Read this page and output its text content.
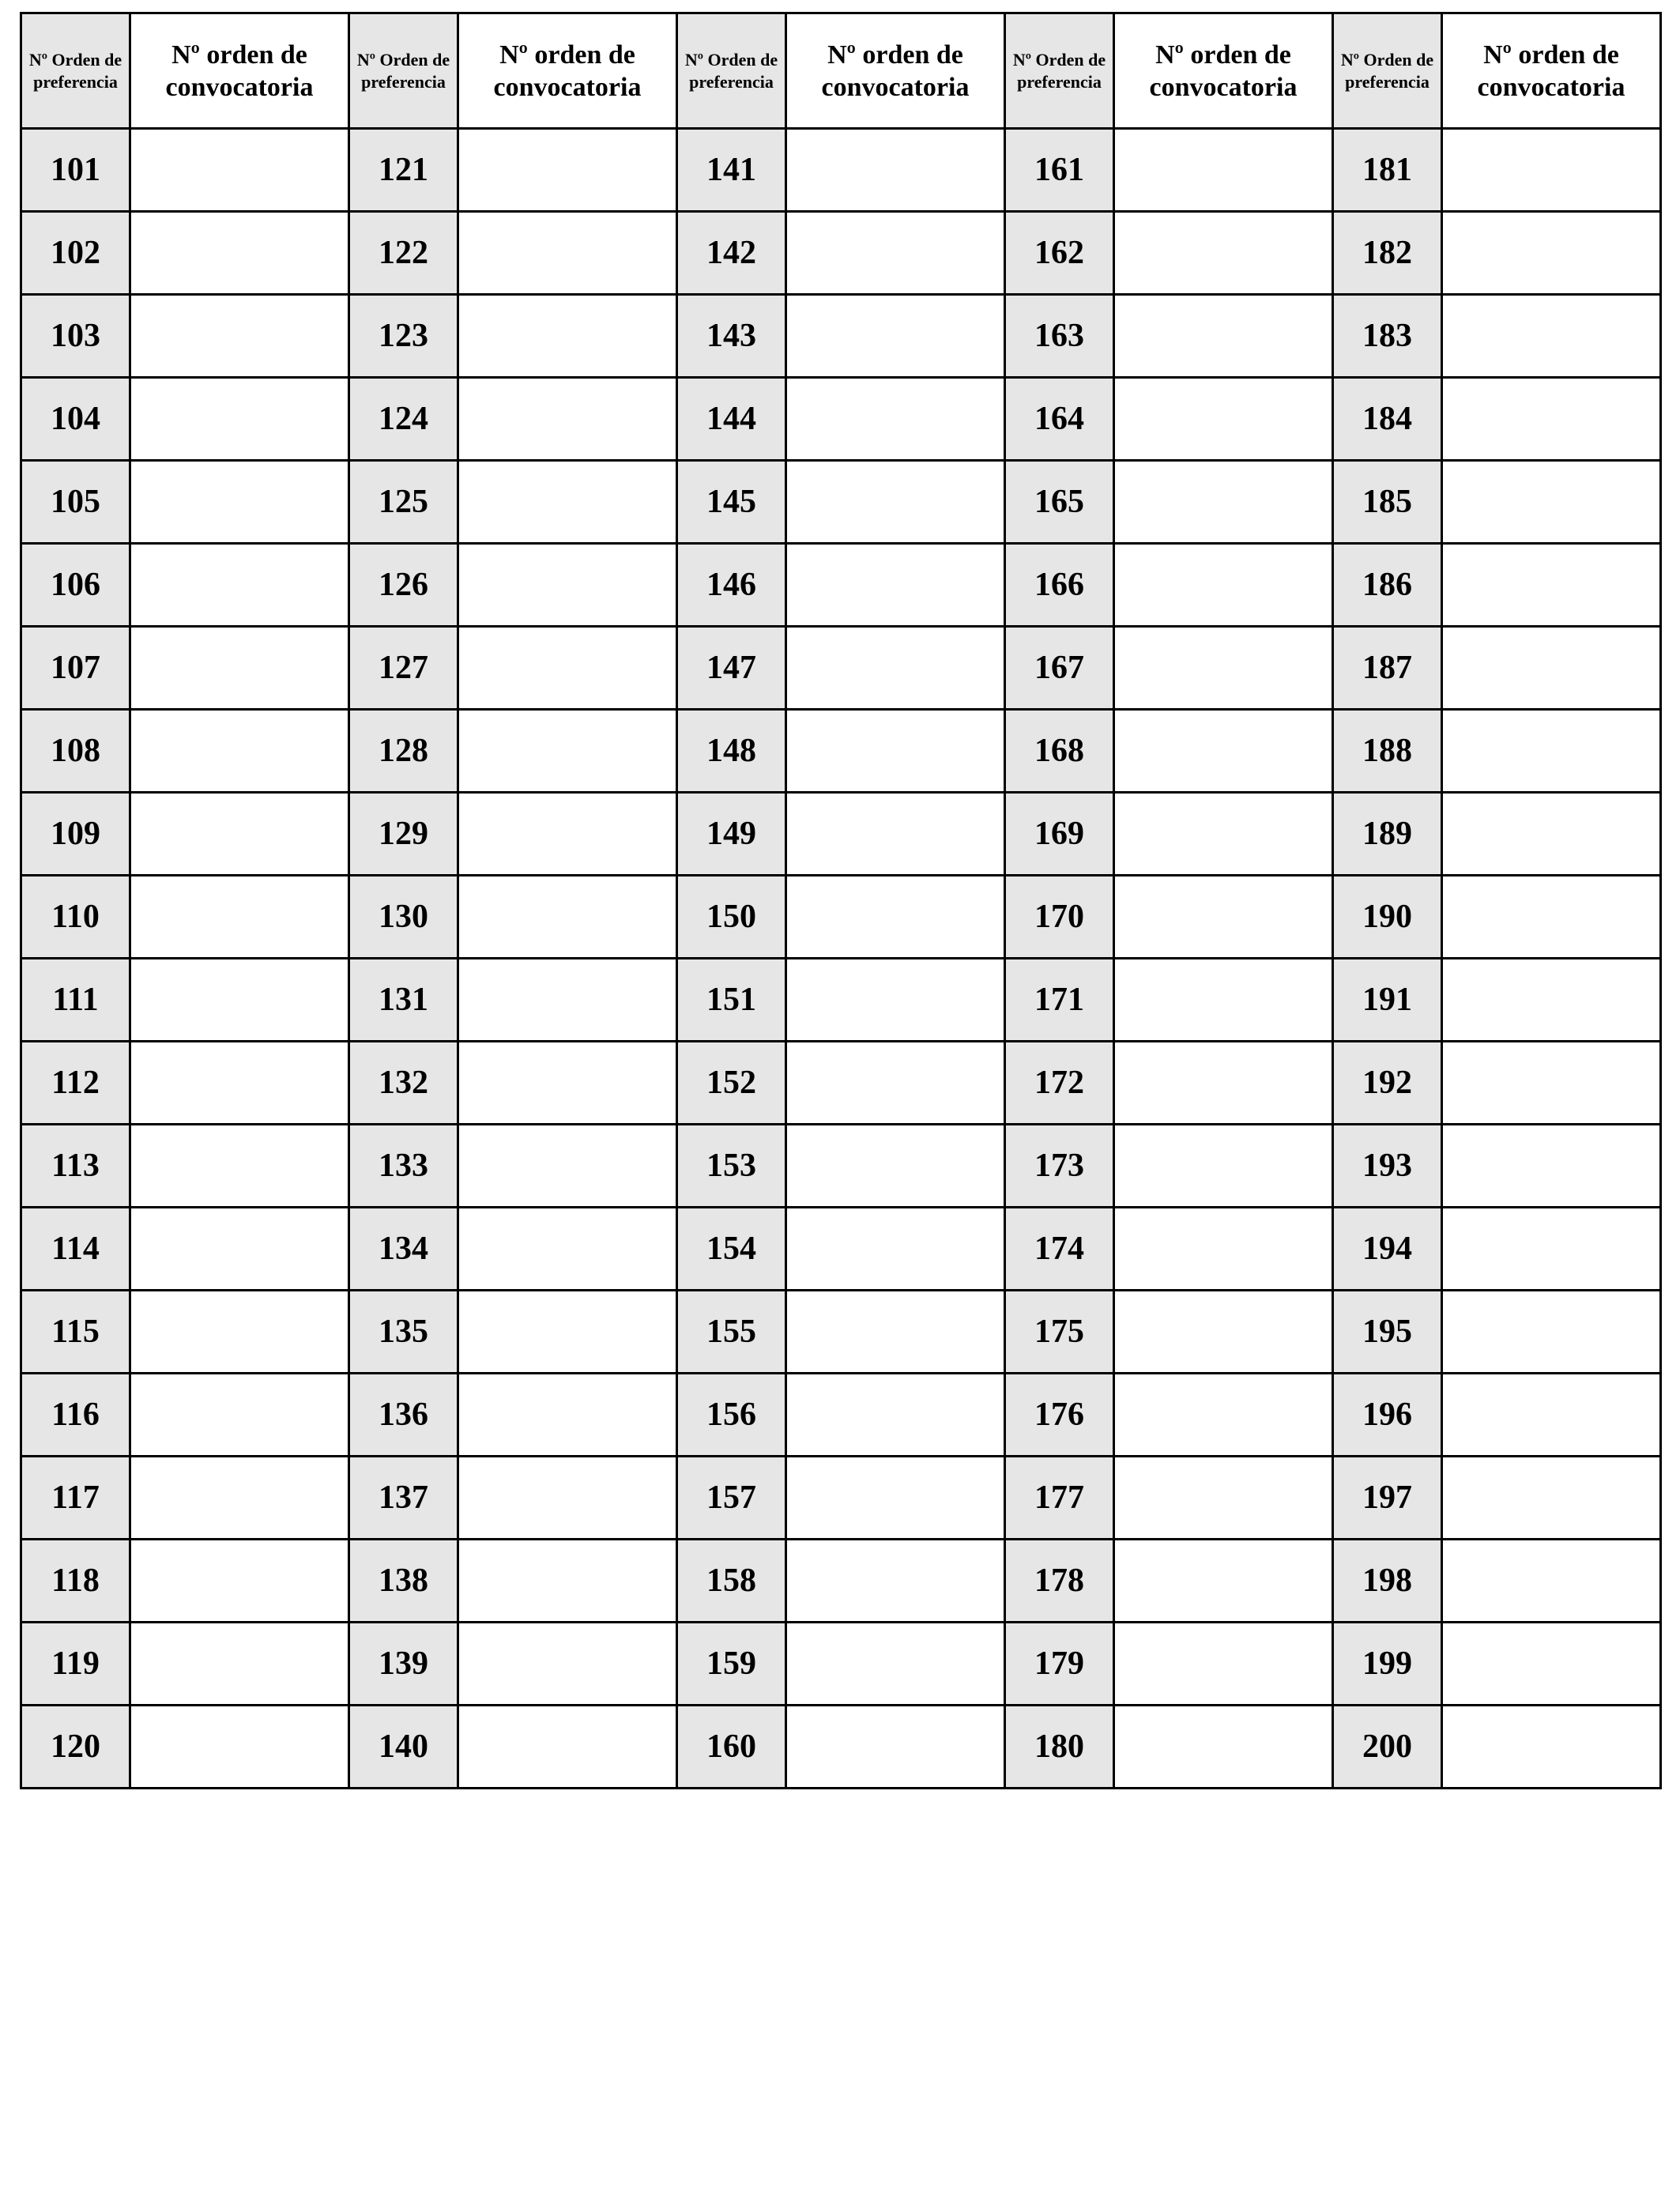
Nº Orden de preferencia	Nº orden de convocatoria	Nº Orden de preferencia	Nº orden de convocatoria	Nº Orden de preferencia	Nº orden de convocatoria	Nº Orden de preferencia	Nº orden de convocatoria	Nº Orden de preferencia	Nº orden de convocatoria
101		121		141		161		181	
102		122		142		162		182	
103		123		143		163		183	
104		124		144		164		184	
105		125		145		165		185	
106		126		146		166		186	
107		127		147		167		187	
108		128		148		168		188	
109		129		149		169		189	
110		130		150		170		190	
111		131		151		171		191	
112		132		152		172		192	
113		133		153		173		193	
114		134		154		174		194	
115		135		155		175		195	
116		136		156		176		196	
117		137		157		177		197	
118		138		158		178		198	
119		139		159		179		199	
120		140		160		180		200	
